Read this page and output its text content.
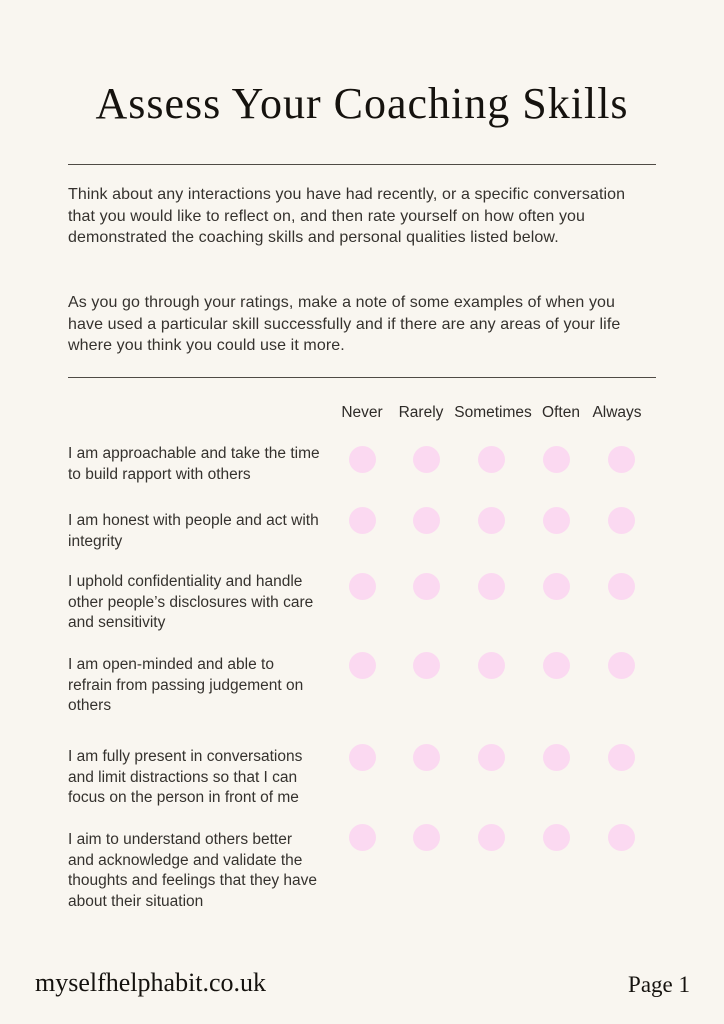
Assess Your Coaching Skills

Think about any interactions you have had recently, or a specific conversation that you would like to reflect on, and then rate yourself on how often you demonstrated the coaching skills and personal qualities listed below.

As you go through your ratings, make a note of some examples of when you have used a particular skill successfully and if there are any areas of your life where you think you could use it more.

Never Rarely Sometimes Often Always
I am approachable and take the time to build rapport with others
I am honest with people and act with integrity
I uphold confidentiality and handle other people’s disclosures with care and sensitivity
I am open-minded and able to refrain from passing judgement on others
I am fully present in conversations and limit distractions so that I can focus on the person in front of me
I aim to understand others better and acknowledge and validate the thoughts and feelings that they have about their situation
myselfhelphabit.co.uk	Page 1
